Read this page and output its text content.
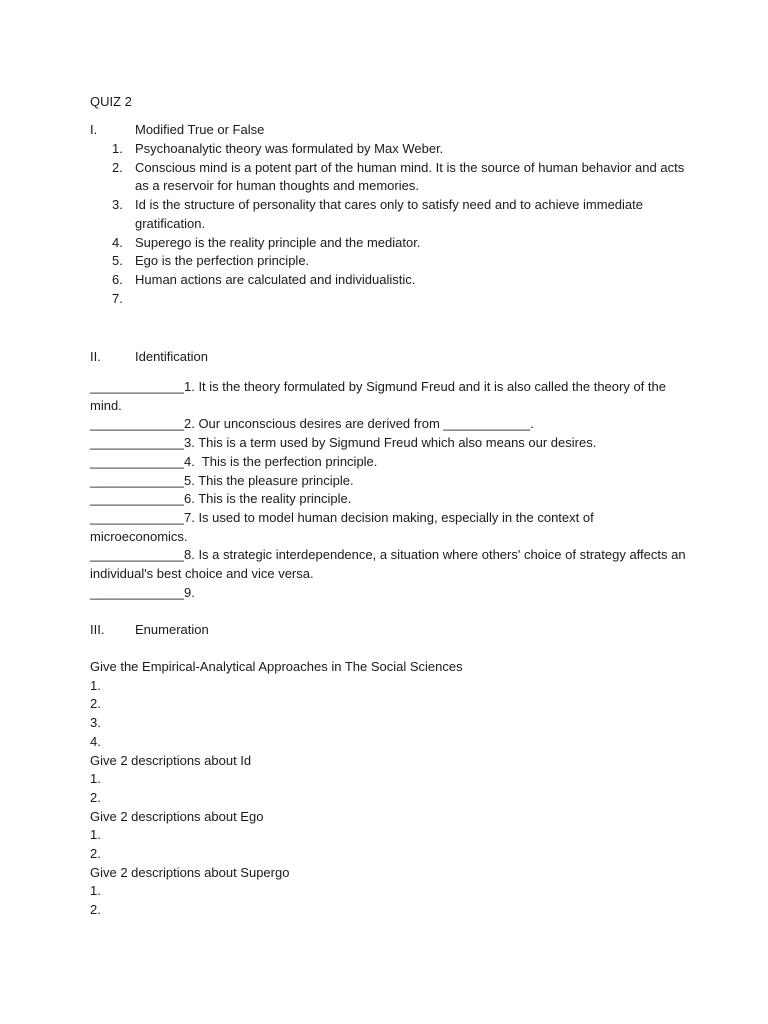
QUIZ 2
I.	Modified True or False
1. Psychoanalytic theory was formulated by Max Weber.
2. Conscious mind is a potent part of the human mind. It is the source of human behavior and acts as a reservoir for human thoughts and memories.
3. Id is the structure of personality that cares only to satisfy need and to achieve immediate gratification.
4. Superego is the reality principle and the mediator.
5. Ego is the perfection principle.
6. Human actions are calculated and individualistic.
7.
II.	Identification
_____________1. It is the theory formulated by Sigmund Freud and it is also called the theory of the mind.
_____________2. Our unconscious desires are derived from ____________.
_____________3. This is a term used by Sigmund Freud which also means our desires.
_____________4.  This is the perfection principle.
_____________5. This the pleasure principle.
_____________6. This is the reality principle.
_____________7. Is used to model human decision making, especially in the context of microeconomics.
_____________8. Is a strategic interdependence, a situation where others' choice of strategy affects an individual's best choice and vice versa.
_____________9.
III. Enumeration
Give the Empirical-Analytical Approaches in The Social Sciences
1.
2.
3.
4.
Give 2 descriptions about Id
1.
2.
Give 2 descriptions about Ego
1.
2.
Give 2 descriptions about Supergo
1.
2.
